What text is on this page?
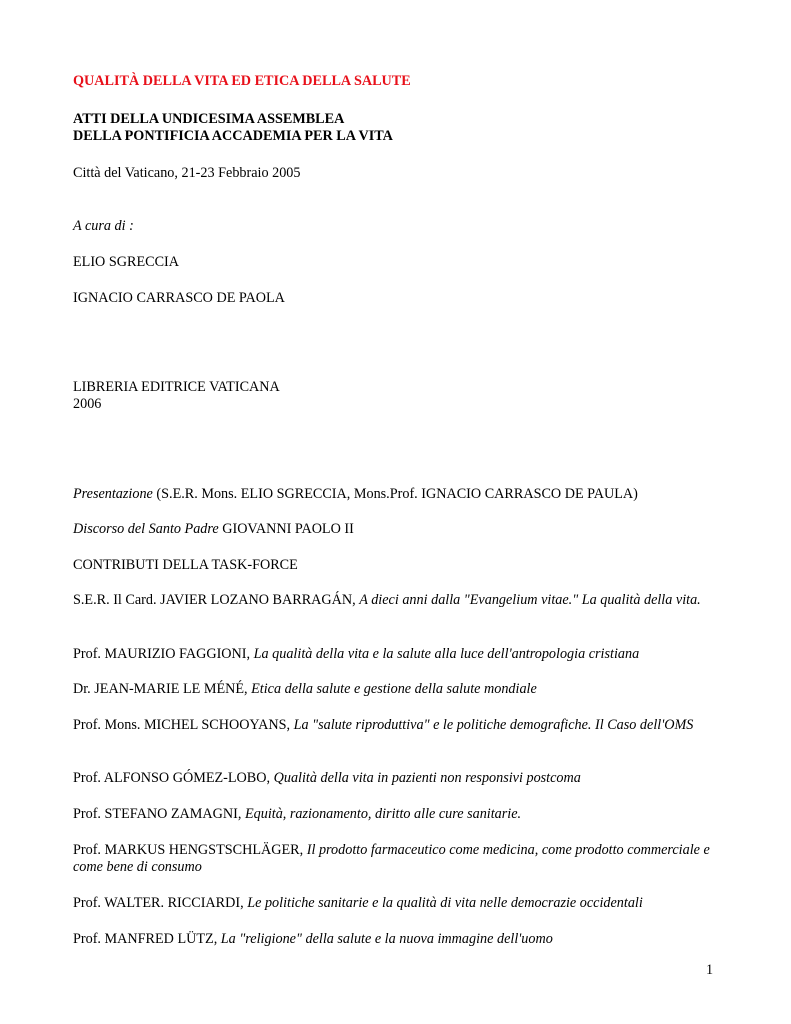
QUALITÀ DELLA VITA ED ETICA DELLA SALUTE
ATTI DELLA UNDICESIMA ASSEMBLEA
DELLA PONTIFICIA ACCADEMIA PER LA VITA
Città del Vaticano, 21-23 Febbraio 2005
A cura di :
ELIO SGRECCIA
IGNACIO CARRASCO DE PAOLA
LIBRERIA EDITRICE VATICANA
2006
Presentazione (S.E.R. Mons. ELIO SGRECCIA, Mons.Prof. IGNACIO CARRASCO DE PAULA)
Discorso del Santo Padre GIOVANNI PAOLO II
CONTRIBUTI DELLA TASK-FORCE
S.E.R. Il Card. JAVIER LOZANO BARRAGÁN, A dieci anni dalla "Evangelium vitae." La qualità della vita.
Prof. MAURIZIO FAGGIONI, La qualità della vita e la salute alla luce dell'antropologia cristiana
Dr. JEAN-MARIE LE MÉNÉ, Etica della salute e gestione della salute mondiale
Prof. Mons. MICHEL SCHOOYANS, La "salute riproduttiva" e le politiche demografiche. Il Caso dell'OMS
Prof. ALFONSO GÓMEZ-LOBO, Qualità della vita in pazienti non responsivi postcoma
Prof. STEFANO ZAMAGNI, Equità, razionamento, diritto alle cure sanitarie.
Prof. MARKUS HENGSTSCHLÄGER, Il prodotto farmaceutico come medicina, come prodotto commerciale e come bene di consumo
Prof. WALTER. RICCIARDI, Le politiche sanitarie e la qualità di vita nelle democrazie occidentali
Prof. MANFRED LÜTZ, La "religione" della salute e la nuova immagine dell'uomo
1
